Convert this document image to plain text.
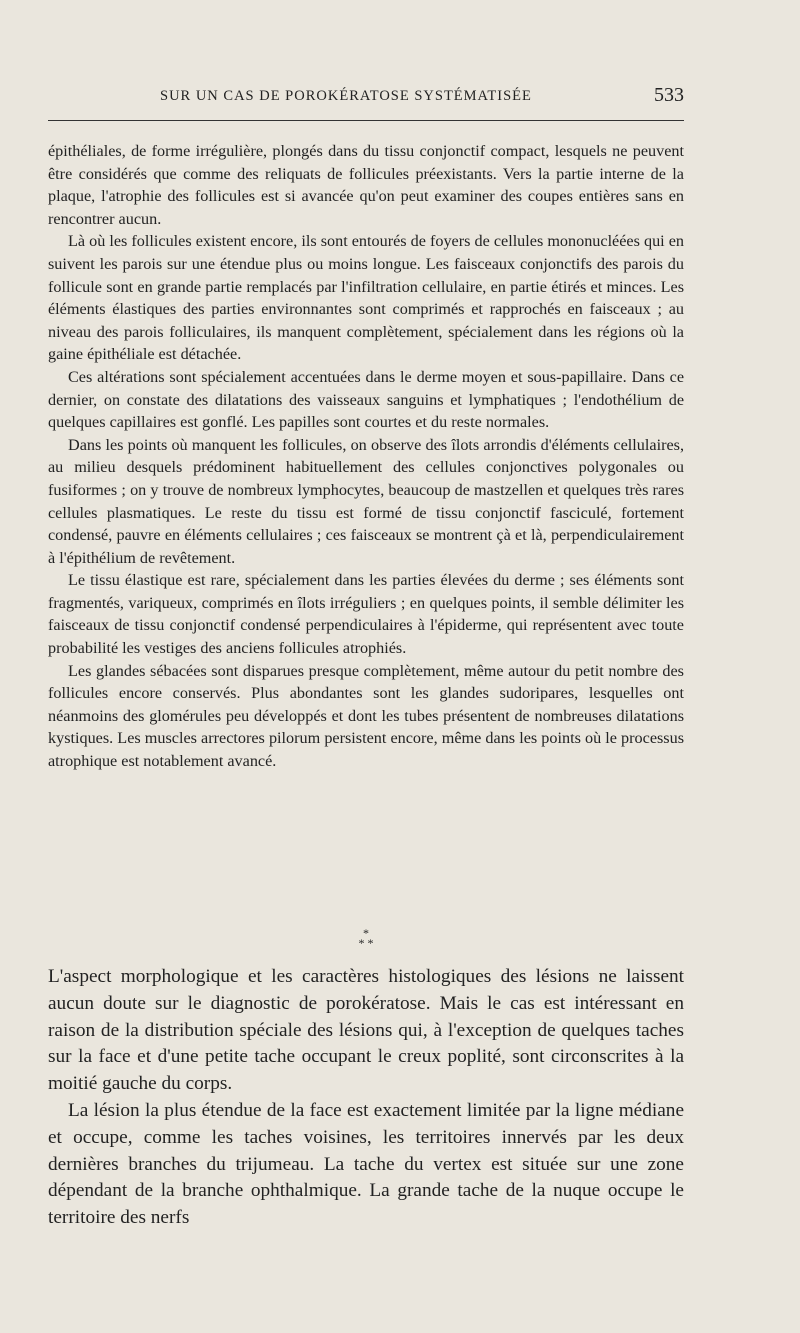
SUR UN CAS DE POROKÉRATOSE SYSTÉMATISÉE	533

épithéliales, de forme irrégulière, plongés dans du tissu conjonctif compact, lesquels ne peuvent être considérés que comme des reliquats de follicules préexistants. Vers la partie interne de la plaque, l'atrophie des follicules est si avancée qu'on peut examiner des coupes entières sans en rencontrer aucun.

Là où les follicules existent encore, ils sont entourés de foyers de cellules mononucléées qui en suivent les parois sur une étendue plus ou moins longue. Les faisceaux conjonctifs des parois du follicule sont en grande partie remplacés par l'infiltration cellulaire, en partie étirés et minces. Les éléments élastiques des parties environnantes sont comprimés et rapprochés en faisceaux ; au niveau des parois folliculaires, ils manquent complètement, spécialement dans les régions où la gaine épithéliale est détachée.

Ces altérations sont spécialement accentuées dans le derme moyen et sous-papillaire. Dans ce dernier, on constate des dilatations des vaisseaux sanguins et lymphatiques ; l'endothélium de quelques capillaires est gonflé. Les papilles sont courtes et du reste normales.

Dans les points où manquent les follicules, on observe des îlots arrondis d'éléments cellulaires, au milieu desquels prédominent habituellement des cellules conjonctives polygonales ou fusiformes ; on y trouve de nombreux lymphocytes, beaucoup de mastzellen et quelques très rares cellules plasmatiques. Le reste du tissu est formé de tissu conjonctif fasciculé, fortement condensé, pauvre en éléments cellulaires ; ces faisceaux se montrent çà et là, perpendiculairement à l'épithélium de revêtement.

Le tissu élastique est rare, spécialement dans les parties élevées du derme ; ses éléments sont fragmentés, variqueux, comprimés en îlots irréguliers ; en quelques points, il semble délimiter les faisceaux de tissu conjonctif condensé perpendiculaires à l'épiderme, qui représentent avec toute probabilité les vestiges des anciens follicules atrophiés.

Les glandes sébacées sont disparues presque complètement, même autour du petit nombre des follicules encore conservés. Plus abondantes sont les glandes sudoripares, lesquelles ont néanmoins des glomérules peu développés et dont les tubes présentent de nombreuses dilatations kystiques. Les muscles arrectores pilorum persistent encore, même dans les points où le processus atrophique est notablement avancé.

*
* *

L'aspect morphologique et les caractères histologiques des lésions ne laissent aucun doute sur le diagnostic de porokératose. Mais le cas est intéressant en raison de la distribution spéciale des lésions qui, à l'exception de quelques taches sur la face et d'une petite tache occupant le creux poplité, sont circonscrites à la moitié gauche du corps.

La lésion la plus étendue de la face est exactement limitée par la ligne médiane et occupe, comme les taches voisines, les territoires innervés par les deux dernières branches du trijumeau. La tache du vertex est située sur une zone dépendant de la branche ophthalmique. La grande tache de la nuque occupe le territoire des nerfs
